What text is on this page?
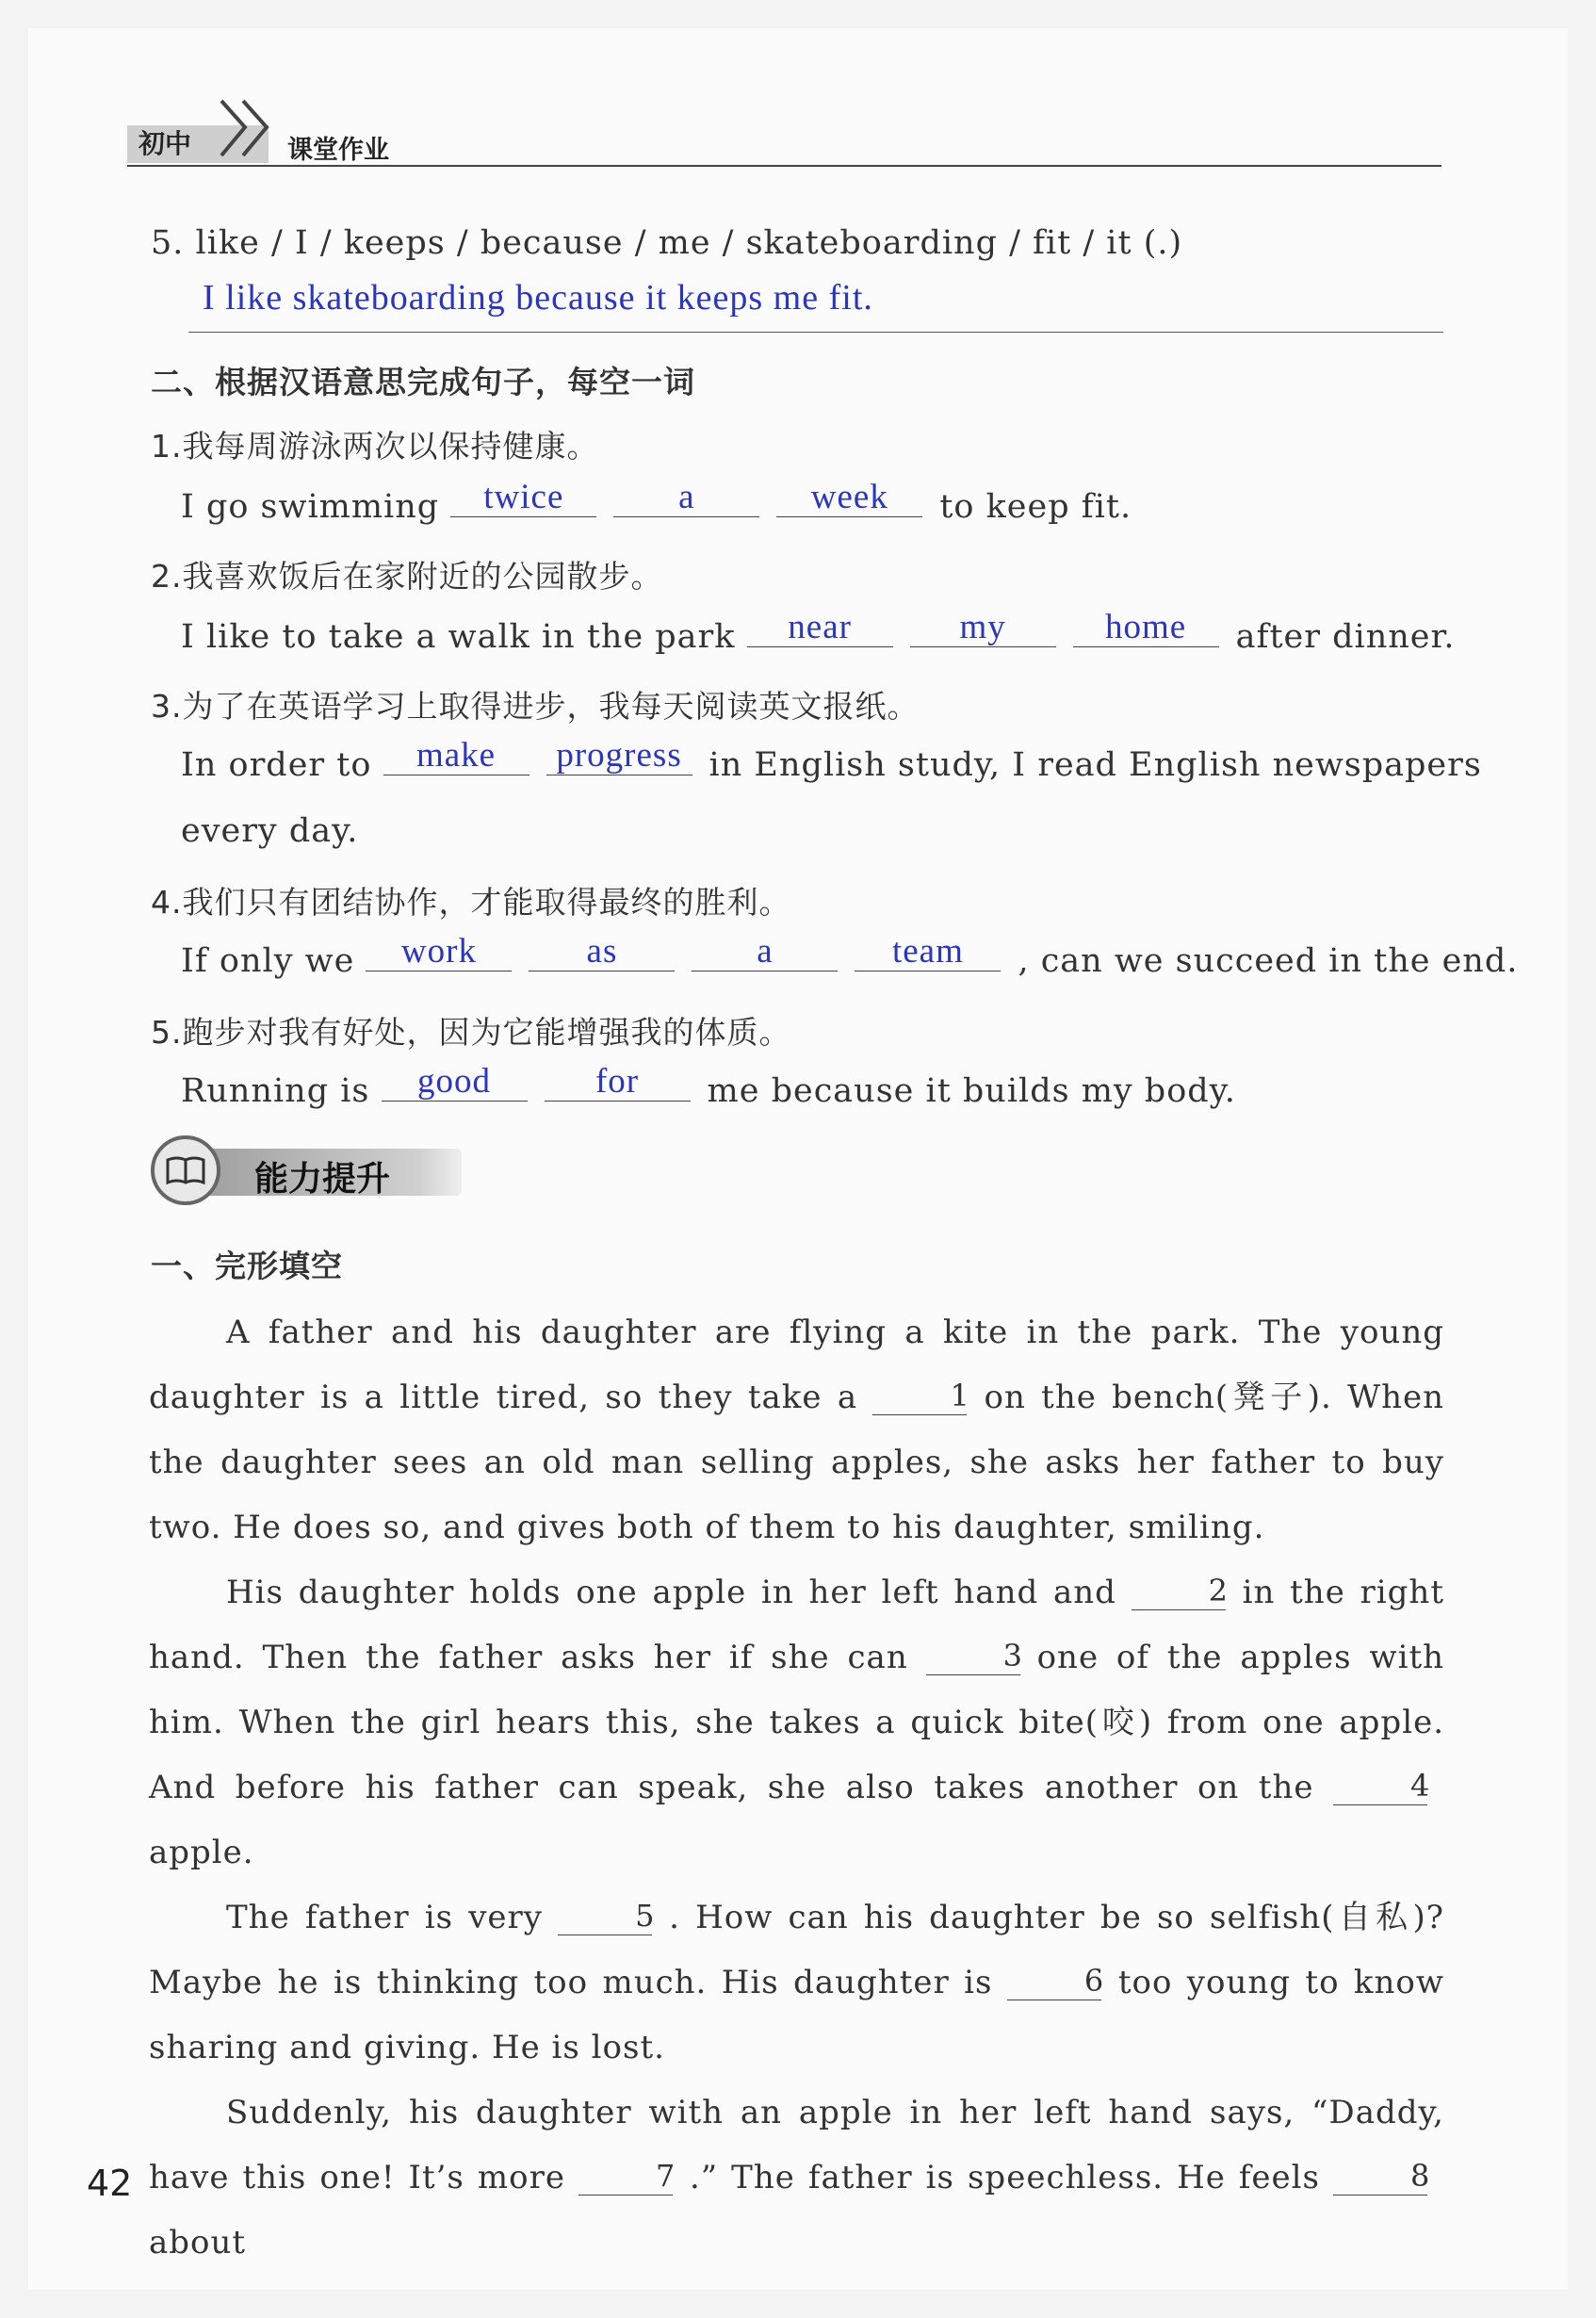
初中	课堂作业
5. like / I / keeps / because / me / skateboarding / fit / it (.)
I like skateboarding because it keeps me fit.
二、根据汉语意思完成句子，每空一词
1.我每周游泳两次以保持健康。
I go swimming twice	a	week to keep fit.
2.我喜欢饭后在家附近的公园散步。
I like to take a walk in the park near	my	home after dinner.
3.为了在英语学习上取得进步，我每天阅读英文报纸。
In order to make progress in English study, I read English newspapers
every day.
4.我们只有团结协作，才能取得最终的胜利。
If only we work	as	a	team , can we succeed in the end.
5.跑步对我有好处，因为它能增强我的体质。
Running is good	for me because it builds my body.
能力提升
一、完形填空

A father and his daughter are flying a kite in the park. The young daughter is a little tired, so they take a	1 on the bench(凳子). When the daughter sees an old man selling apples, she asks her father to buy two. He does so, and gives both of them to his daughter, smiling.

His daughter holds one apple in her left hand and	2 in the right hand. Then the father asks her if she can	3 one of the apples with him. When the girl hears this, she takes a quick bite(咬) from one apple. And before his father can speak, she also takes another on the	4apple.

The father is very	5 . How can his daughter be so selfish(自私)? Maybe he is thinking too much. His daughter is	6 too young to know sharing and giving. He is lost.

Suddenly, his daughter with an apple in her left hand says, “Daddy, have this one! It’s more	7 .” The father is speechless. He feels	8about

42
